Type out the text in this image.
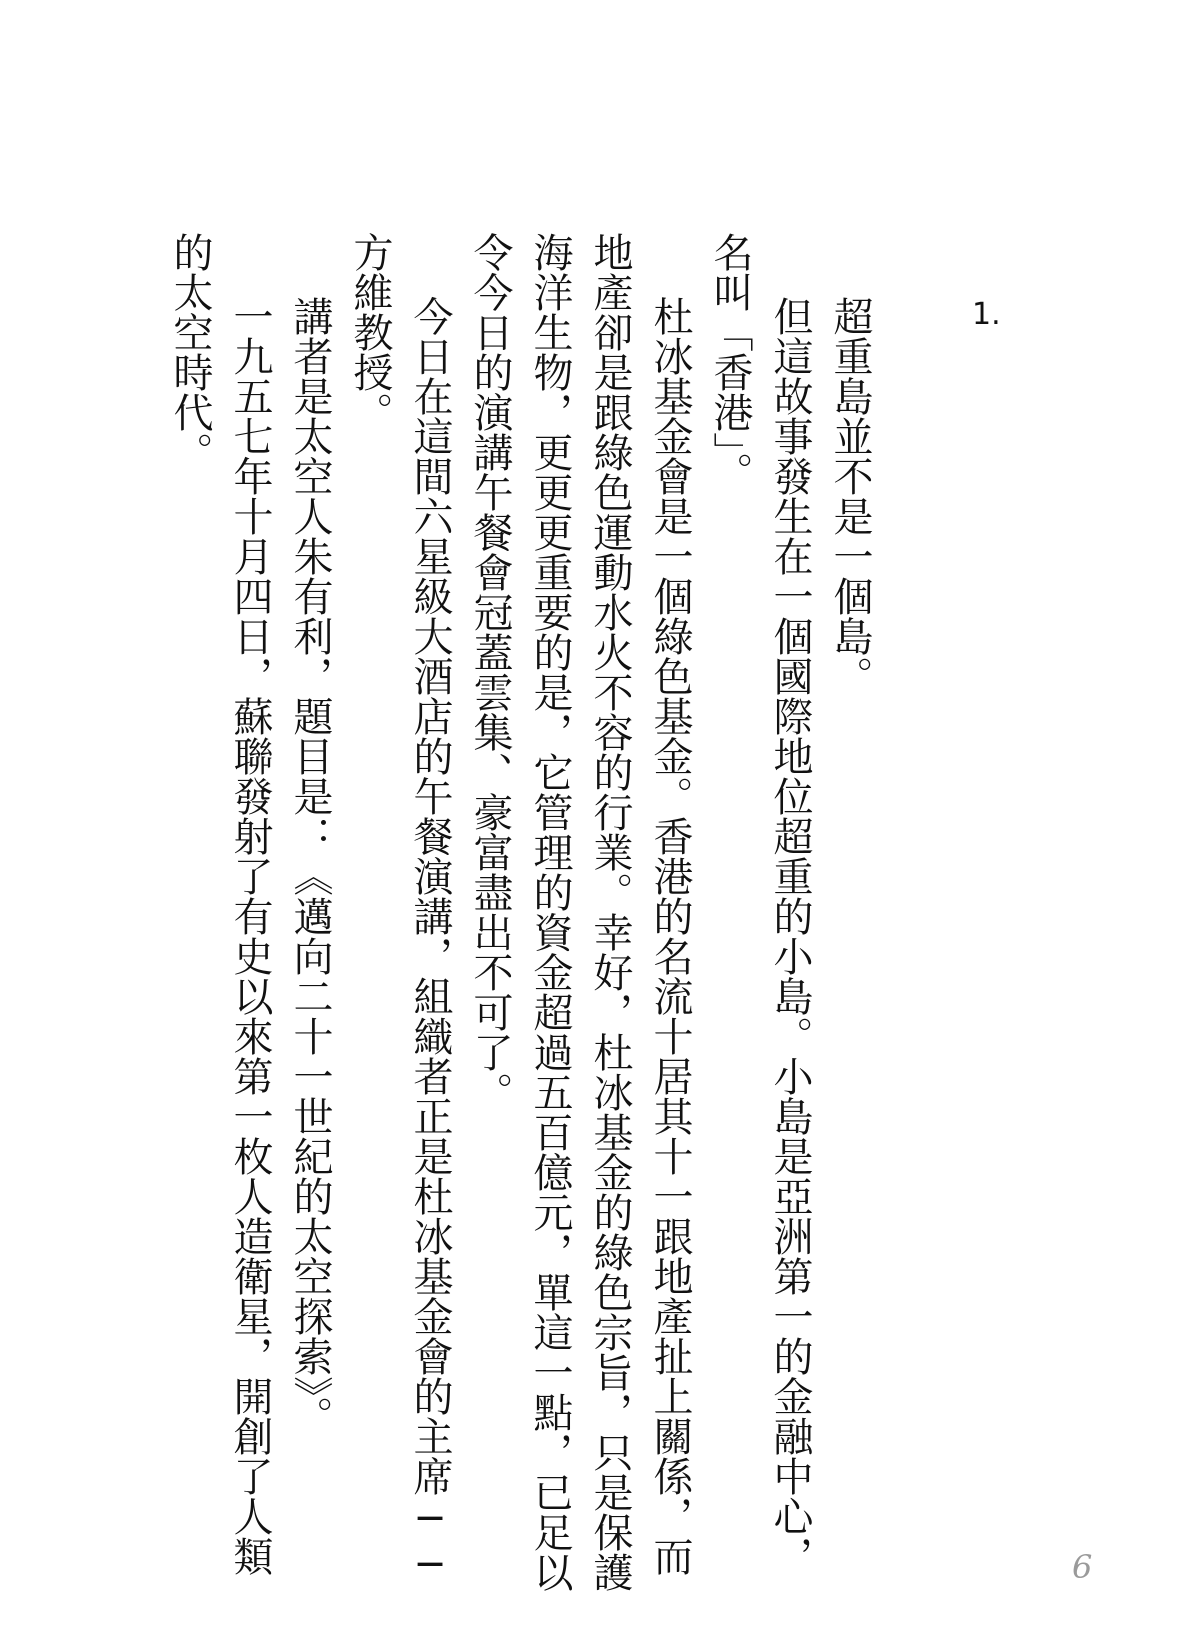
1.
超重島並不是一個島。
但這故事發生在一個國際地位超重的小島。小島是亞洲第一的金融中心，
名叫「香港」。
杜冰基金會是一個綠色基金。香港的名流十居其十一跟地產扯上關係，而
地產卻是跟綠色運動水火不容的行業。幸好，杜冰基金的綠色宗旨，只是保護
海洋生物，更更更重要的是，它管理的資金超過五百億元，單這一點，已足以
令今日的演講午餐會冠蓋雲集、豪富盡出不可了。
今日在這間六星級大酒店的午餐演講，組織者正是杜冰基金會的主席──
方維教授。
講者是太空人朱有利，題目是：《邁向二十一世紀的太空探索》。
一九五七年十月四日，蘇聯發射了有史以來第一枚人造衛星，開創了人類
的太空時代。
6
